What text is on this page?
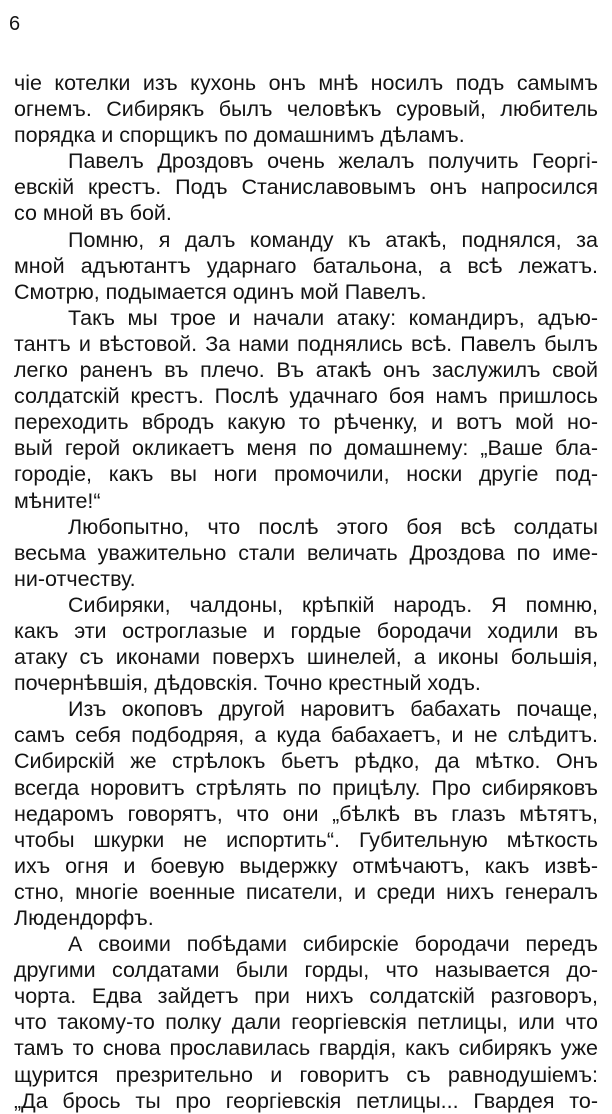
6
чіе котелки изъ кухонь онъ мнѣ носилъ подъ самымъ
огнемъ. Сибирякъ былъ человѣкъ суровый, любитель
порядка и спорщикъ по домашнимъ дѣламъ.
Павелъ Дроздовъ очень желалъ получить Георгі-
евскій крестъ. Подъ Станиславовымъ онъ напросился
со мной въ бой.
Помню, я далъ команду къ атакѣ, поднялся, за
мной адъютантъ ударнаго батальона, а всѣ лежатъ.
Смотрю, подымается одинъ мой Павелъ.
Такъ мы трое и начали атаку: командиръ, адъю-
тантъ и вѣстовой. За нами поднялись всѣ. Павелъ былъ
легко раненъ въ плечо. Въ атакѣ онъ заслужилъ свой
солдатскій крестъ. Послѣ удачнаго боя намъ пришлось
переходить вбродъ какую то рѣченку, и вотъ мой но-
вый герой окликаетъ меня по домашнему: „Ваше бла-
городіе, какъ вы ноги промочили, носки другіе под-
мѣните!“
Любопытно, что послѣ этого боя всѣ солдаты
весьма уважительно стали величать Дроздова по име-
ни-отчеству.
Сибиряки, чалдоны, крѣпкій народъ. Я помню,
какъ эти остроглазые и гордые бородачи ходили въ
атаку съ иконами поверхъ шинелей, а иконы большія,
почернѣвшія, дѣдовскія. Точно крестный ходъ.
Изъ окоповъ другой наровитъ бабахать почаще,
самъ себя подбодряя, а куда бабахаетъ, и не слѣдитъ.
Сибирскій же стрѣлокъ бьетъ рѣдко, да мѣтко. Онъ
всегда норовитъ стрѣлять по прицѣлу. Про сибиряковъ
недаромъ говорятъ, что они „бѣлкѣ въ глазъ мѣтятъ,
чтобы шкурки не испортить“. Губительную мѣткость
ихъ огня и боевую выдержку отмѣчаютъ, какъ извѣ-
стно, многіе военные писатели, и среди нихъ генералъ
Людендорфъ.
А своими побѣдами сибирскіе бородачи передъ
другими солдатами были горды, что называется до-
чорта. Едва зайдетъ при нихъ солдатскій разговоръ,
что такому-то полку дали георгіевскія петлицы, или что
тамъ то снова прославилась гвардія, какъ сибирякъ уже
щурится презрительно и говоритъ съ равнодушіемъ:
„Да брось ты про георгіевскія петлицы... Гвардея то-
